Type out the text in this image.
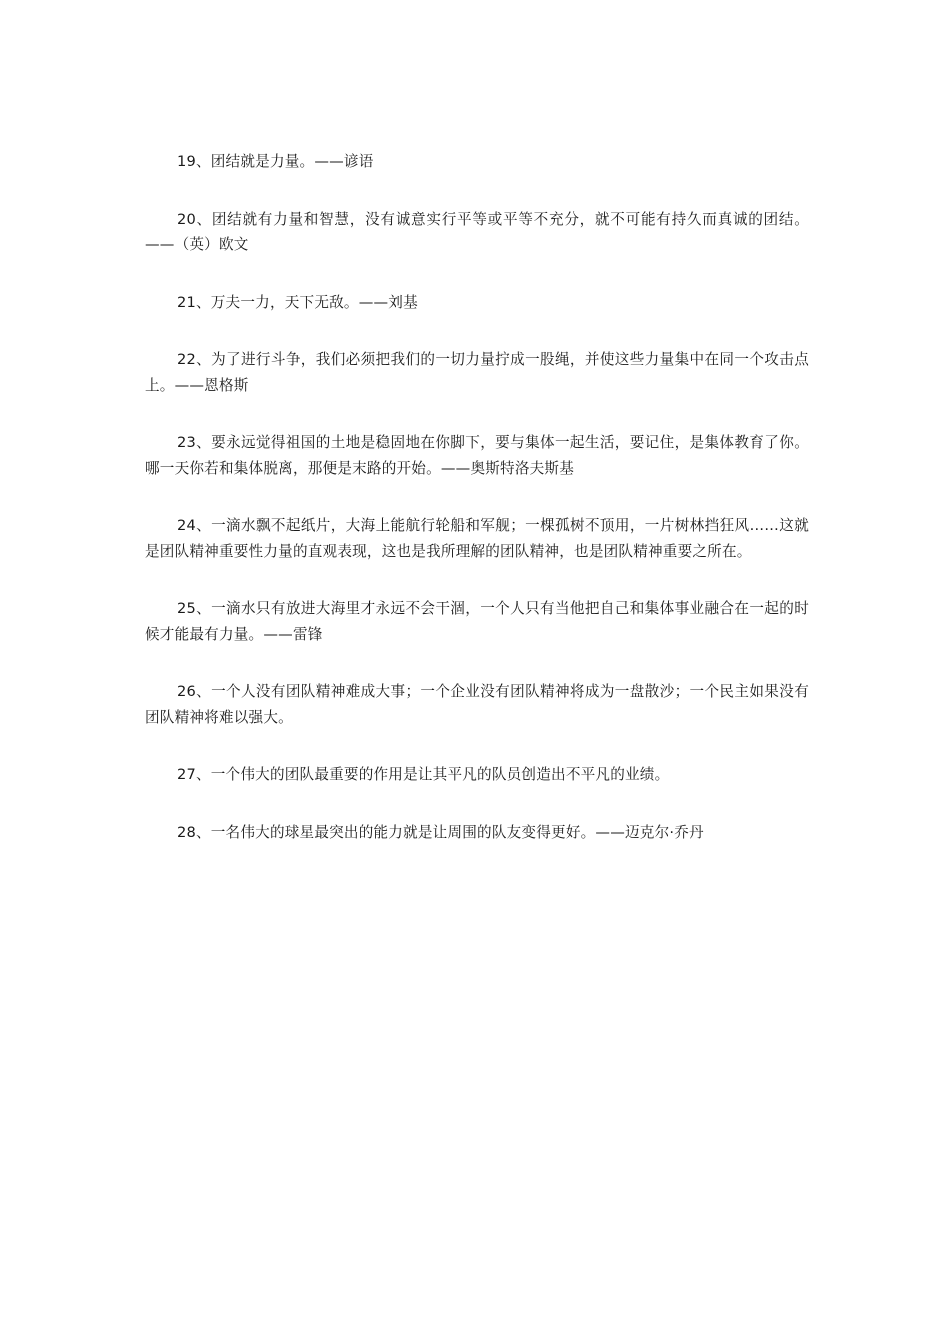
19、团结就是力量。——谚语

20、团结就有力量和智慧，没有诚意实行平等或平等不充分，就不可能有持久而真诚的团结。——（英）欧文

21、万夫一力，天下无敌。——刘基

22、为了进行斗争，我们必须把我们的一切力量拧成一股绳，并使这些力量集中在同一个攻击点上。——恩格斯

23、要永远觉得祖国的土地是稳固地在你脚下，要与集体一起生活，要记住，是集体教育了你。哪一天你若和集体脱离，那便是末路的开始。——奥斯特洛夫斯基

24、一滴水飘不起纸片，大海上能航行轮船和军舰；一棵孤树不顶用，一片树林挡狂风……这就是团队精神重要性力量的直观表现，这也是我所理解的团队精神，也是团队精神重要之所在。

25、一滴水只有放进大海里才永远不会干涸，一个人只有当他把自己和集体事业融合在一起的时候才能最有力量。——雷锋

26、一个人没有团队精神难成大事；一个企业没有团队精神将成为一盘散沙；一个民主如果没有团队精神将难以强大。

27、一个伟大的团队最重要的作用是让其平凡的队员创造出不平凡的业绩。

28、一名伟大的球星最突出的能力就是让周围的队友变得更好。——迈克尔·乔丹
